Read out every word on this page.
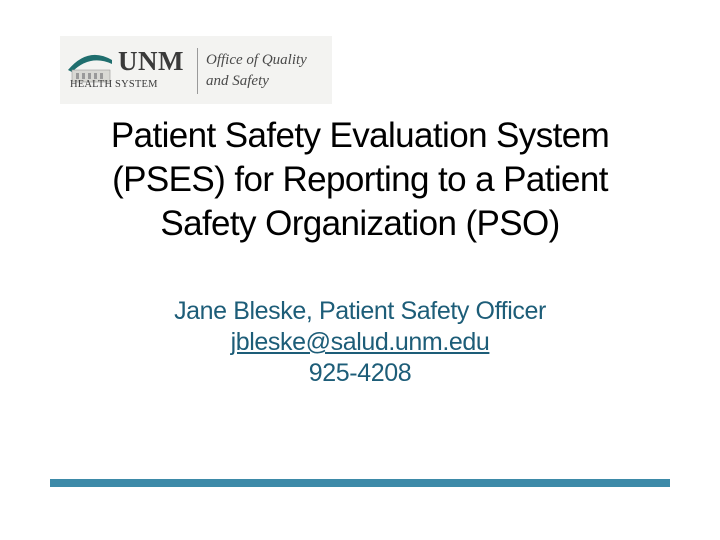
UNM
HEALTH SYSTEM
Office of Quality
and Safety
Patient Safety Evaluation System
(PSES) for Reporting to a Patient
Safety Organization (PSO)
Jane Bleske, Patient Safety Officer
jbleske@salud.unm.edu
925-4208
